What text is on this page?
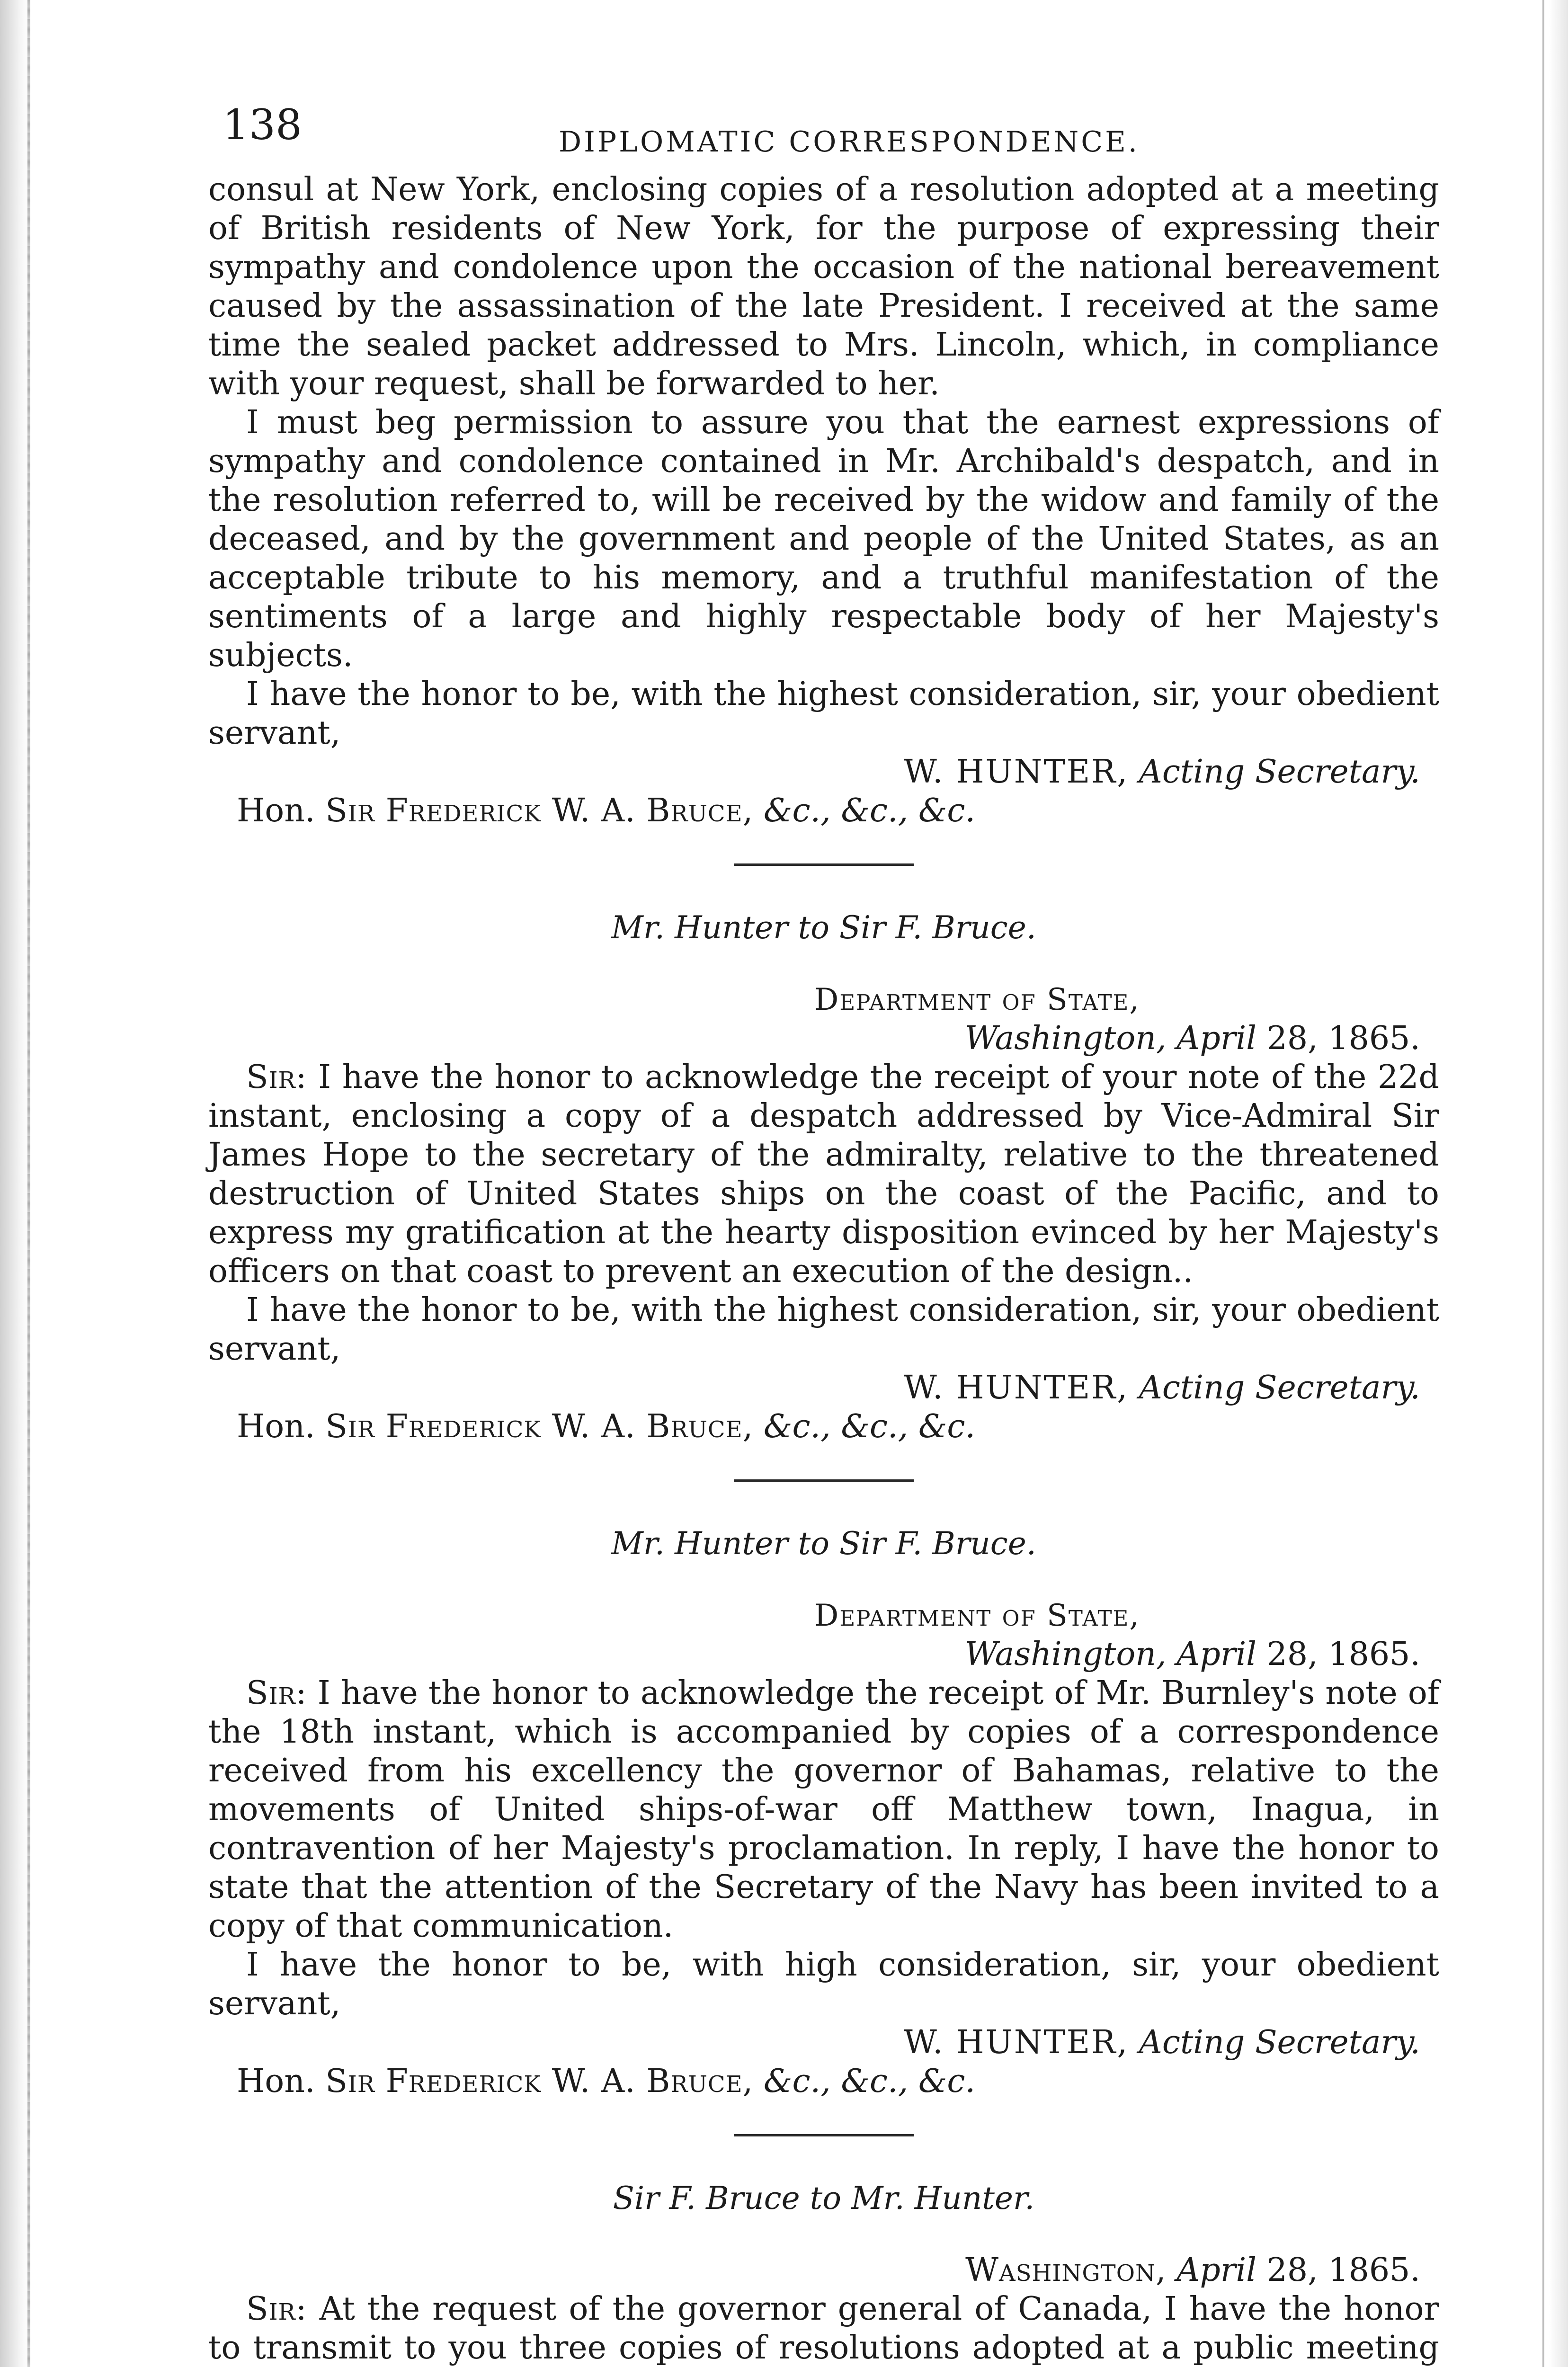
138	DIPLOMATIC CORRESPONDENCE.

consul at New York, enclosing copies of a resolution adopted at a meeting of British residents of New York, for the purpose of expressing their sympathy and condolence upon the occasion of the national bereavement caused by the assassination of the late President. I received at the same time the sealed packet addressed to Mrs. Lincoln, which, in compliance with your request, shall be forwarded to her.

I must beg permission to assure you that the earnest expressions of sympathy and condolence contained in Mr. Archibald's despatch, and in the resolution referred to, will be received by the widow and family of the deceased, and by the government and people of the United States, as an acceptable tribute to his memory, and a truthful manifestation of the sentiments of a large and highly respectable body of her Majesty's subjects.

I have the honor to be, with the highest consideration, sir, your obedient servant,

W. HUNTER, Acting Secretary.

Hon. Sir Frederick W. A. Bruce, &c., &c., &c.

Mr. Hunter to Sir F. Bruce.

Department of State,

Washington, April 28, 1865.

Sir: I have the honor to acknowledge the receipt of your note of the 22d instant, enclosing a copy of a despatch addressed by Vice-Admiral Sir James Hope to the secretary of the admiralty, relative to the threatened destruction of United States ships on the coast of the Pacific, and to express my gratification at the hearty disposition evinced by her Majesty's officers on that coast to prevent an execution of the design..

I have the honor to be, with the highest consideration, sir, your obedient servant,

W. HUNTER, Acting Secretary.

Hon. Sir Frederick W. A. Bruce, &c., &c., &c.

Mr. Hunter to Sir F. Bruce.

Department of State,

Washington, April 28, 1865.

Sir: I have the honor to acknowledge the receipt of Mr. Burnley's note of the 18th instant, which is accompanied by copies of a correspondence received from his excellency the governor of Bahamas, relative to the movements of United ships-of-war off Matthew town, Inagua, in contravention of her Majesty's proclamation. In reply, I have the honor to state that the attention of the Secretary of the Navy has been invited to a copy of that communication.

I have the honor to be, with high consideration, sir, your obedient servant,

W. HUNTER, Acting Secretary.

Hon. Sir Frederick W. A. Bruce, &c., &c., &c.

Sir F. Bruce to Mr. Hunter.

Washington, April 28, 1865.

Sir: At the request of the governor general of Canada, I have the honor to transmit to you three copies of resolutions adopted at a public meeting
